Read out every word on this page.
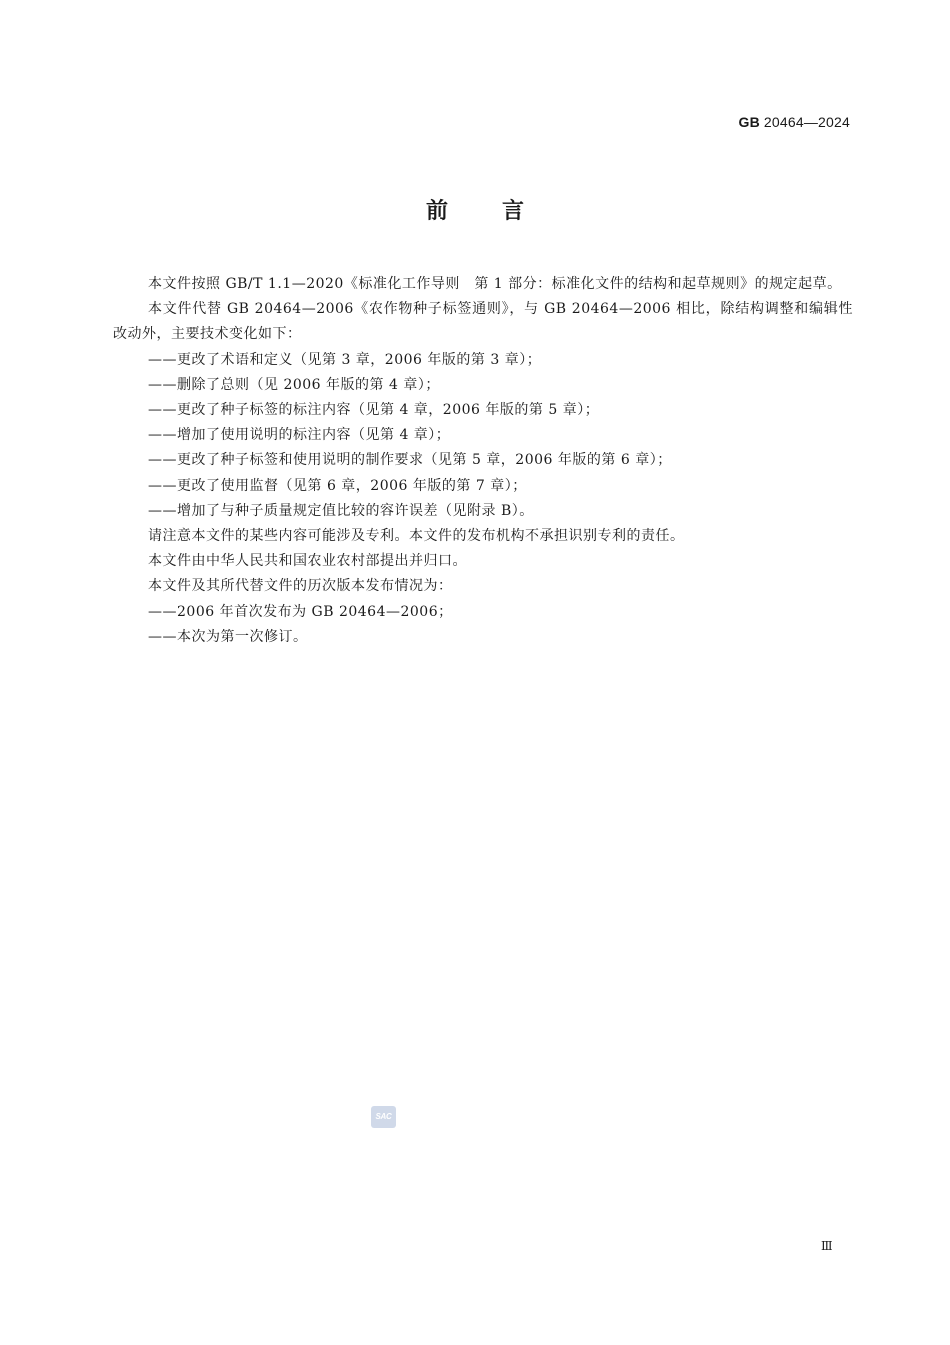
GB 20464—2024
前言

本文件按照 GB/T 1.1—2020《标准化工作导则　第 1 部分：标准化文件的结构和起草规则》的规定起草。

本文件代替 GB 20464—2006《农作物种子标签通则》，与 GB 20464—2006 相比，除结构调整和编辑性改动外，主要技术变化如下：

——更改了术语和定义（见第 3 章，2006 年版的第 3 章）；

——删除了总则（见 2006 年版的第 4 章）；

——更改了种子标签的标注内容（见第 4 章，2006 年版的第 5 章）；

——增加了使用说明的标注内容（见第 4 章）；

——更改了种子标签和使用说明的制作要求（见第 5 章，2006 年版的第 6 章）；

——更改了使用监督（见第 6 章，2006 年版的第 7 章）；

——增加了与种子质量规定值比较的容许误差（见附录 B）。

请注意本文件的某些内容可能涉及专利。本文件的发布机构不承担识别专利的责任。

本文件由中华人民共和国农业农村部提出并归口。

本文件及其所代替文件的历次版本发布情况为：

——2006 年首次发布为 GB 20464—2006；

——本次为第一次修订。

SAC
Ⅲ
